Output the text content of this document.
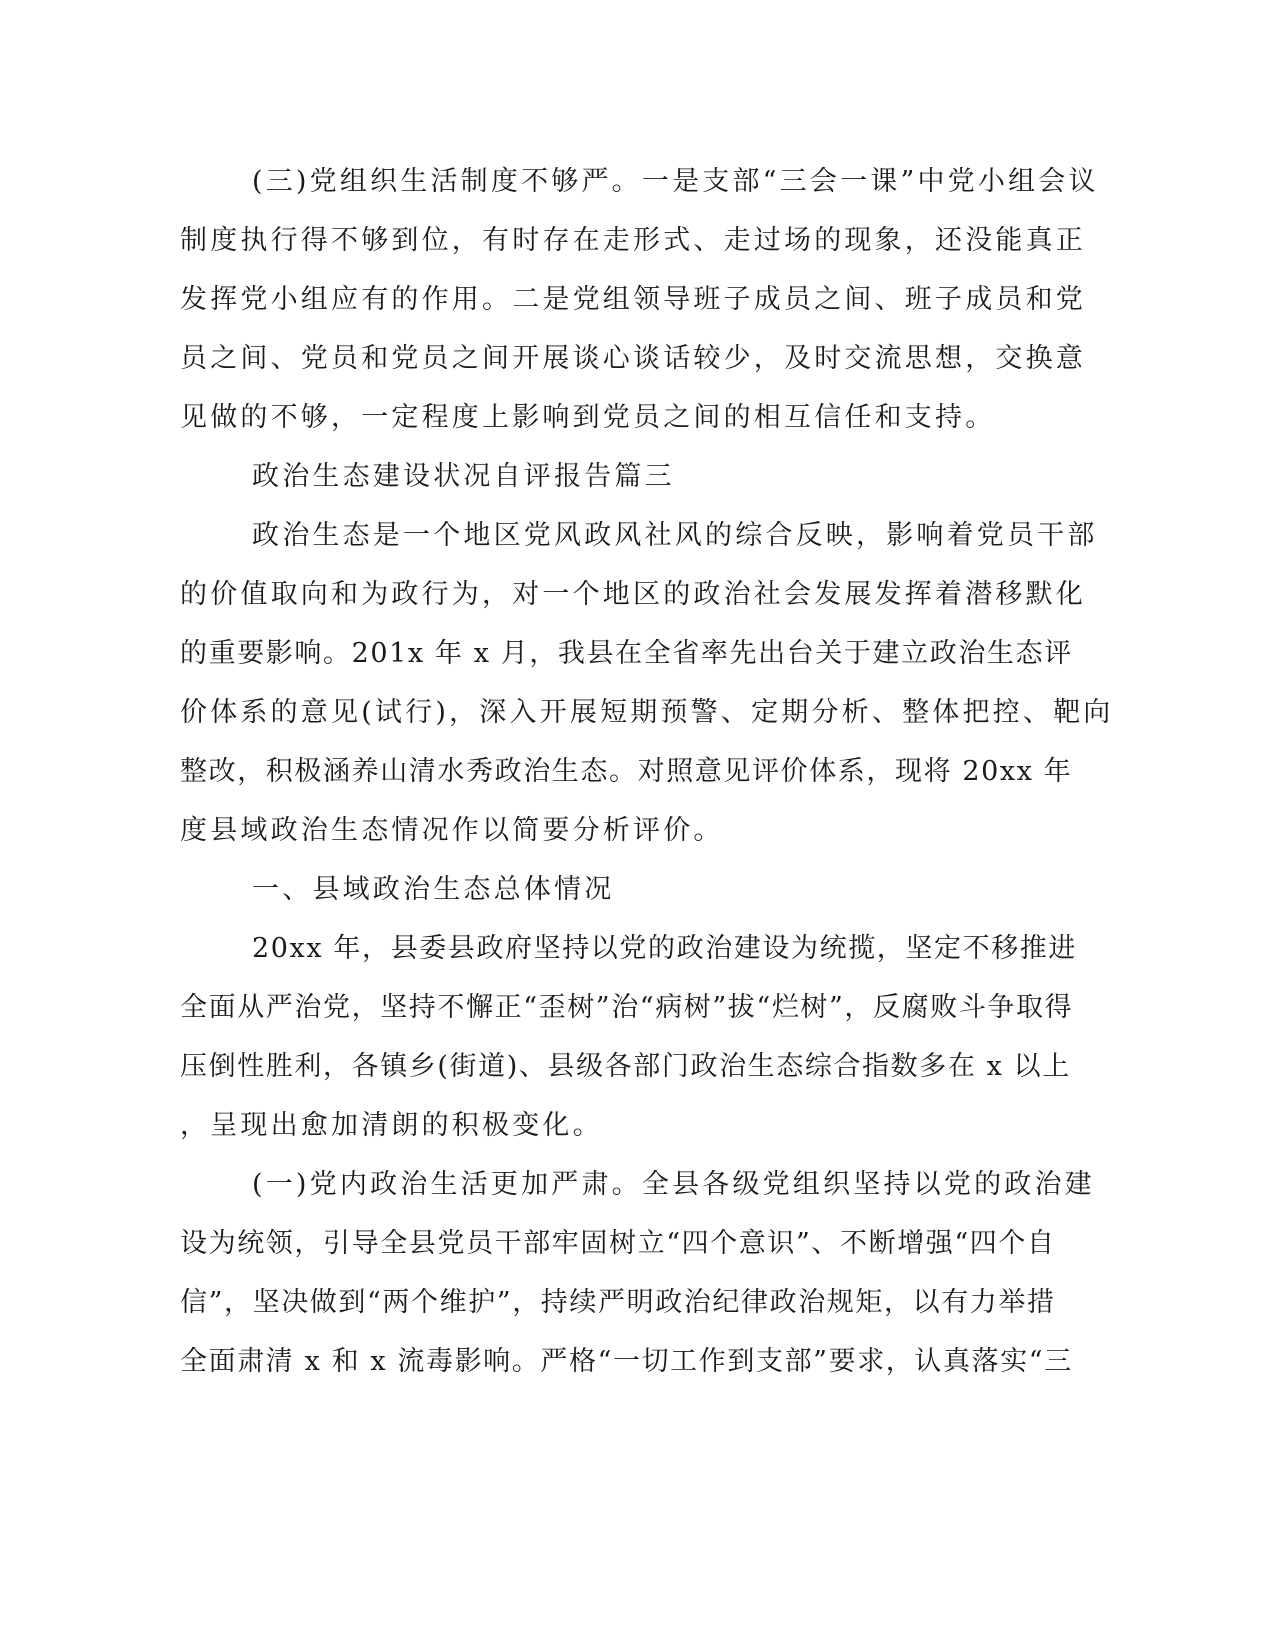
(三)党组织生活制度不够严。一是支部“三会一课”中党小组会议
制度执行得不够到位，有时存在走形式、走过场的现象，还没能真正
发挥党小组应有的作用。二是党组领导班子成员之间、班子成员和党
员之间、党员和党员之间开展谈心谈话较少，及时交流思想，交换意
见做的不够，一定程度上影响到党员之间的相互信任和支持。
政治生态建设状况自评报告篇三
政治生态是一个地区党风政风社风的综合反映，影响着党员干部
的价值取向和为政行为，对一个地区的政治社会发展发挥着潜移默化
的重要影响。201x 年 x 月，我县在全省率先出台关于建立政治生态评
价体系的意见(试行)，深入开展短期预警、定期分析、整体把控、靶向
整改，积极涵养山清水秀政治生态。对照意见评价体系，现将 20xx 年
度县域政治生态情况作以简要分析评价。
一、县域政治生态总体情况
20xx 年，县委县政府坚持以党的政治建设为统揽，坚定不移推进
全面从严治党，坚持不懈正“歪树”治“病树”拔“烂树”，反腐败斗争取得
压倒性胜利，各镇乡(街道)、县级各部门政治生态综合指数多在 x 以上
，呈现出愈加清朗的积极变化。
(一)党内政治生活更加严肃。全县各级党组织坚持以党的政治建
设为统领，引导全县党员干部牢固树立“四个意识”、不断增强“四个自
信”，坚决做到“两个维护”，持续严明政治纪律政治规矩，以有力举措
全面肃清 x 和 x 流毒影响。严格“一切工作到支部”要求，认真落实“三
